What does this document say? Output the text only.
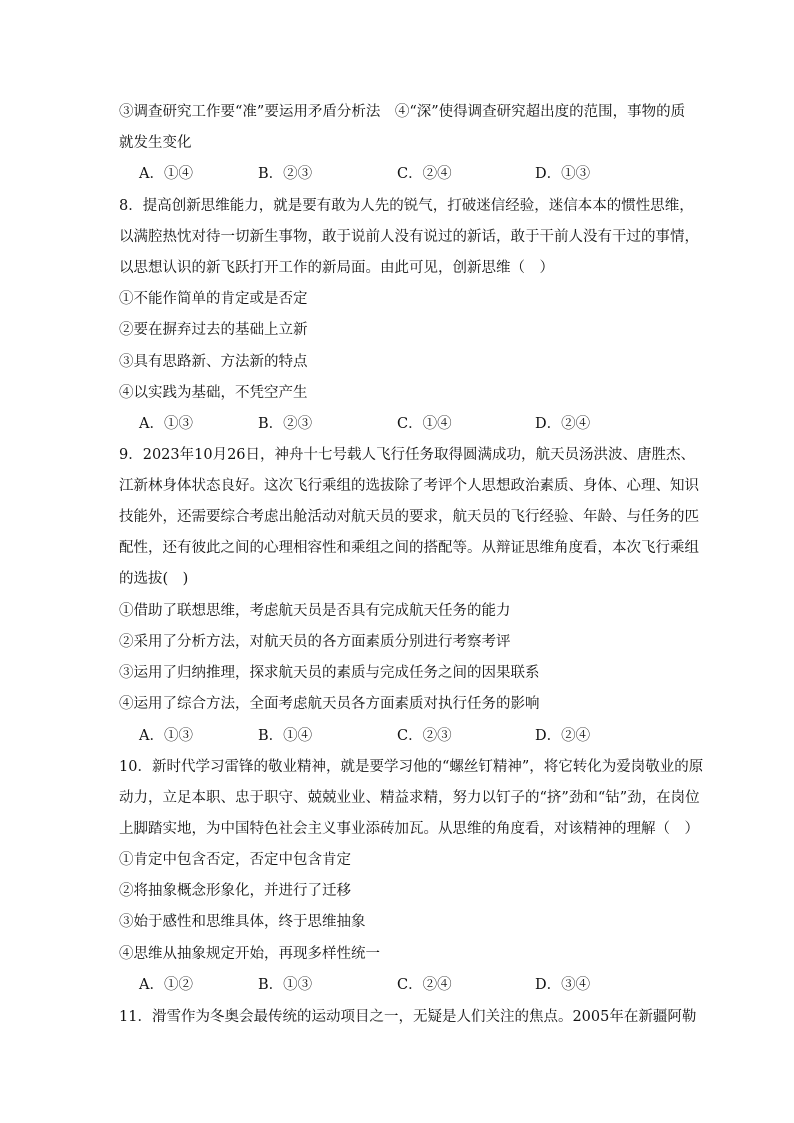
③调查研究工作要“准”要运用矛盾分析法　④“深”使得调查研究超出度的范围，事物的质
就发生变化
A．①④	B．②③	C．②④	D．①③
8．提高创新思维能力，就是要有敢为人先的锐气，打破迷信经验，迷信本本的惯性思维，
以满腔热忱对待一切新生事物，敢于说前人没有说过的新话，敢于干前人没有干过的事情，
以思想认识的新飞跃打开工作的新局面。由此可见，创新思维（　）
①不能作简单的肯定或是否定
②要在摒弃过去的基础上立新
③具有思路新、方法新的特点
④以实践为基础，不凭空产生
A．①③	B．②③	C．①④	D．②④
9．2023年10月26日，神舟十七号载人飞行任务取得圆满成功，航天员汤洪波、唐胜杰、
江新林身体状态良好。这次飞行乘组的选拔除了考评个人思想政治素质、身体、心理、知识
技能外，还需要综合考虑出舱活动对航天员的要求，航天员的飞行经验、年龄、与任务的匹
配性，还有彼此之间的心理相容性和乘组之间的搭配等。从辩证思维角度看，本次飞行乘组
的选拔(　)
①借助了联想思维，考虑航天员是否具有完成航天任务的能力
②采用了分析方法，对航天员的各方面素质分别进行考察考评
③运用了归纳推理，探求航天员的素质与完成任务之间的因果联系
④运用了综合方法，全面考虑航天员各方面素质对执行任务的影响
A．①③	B．①④	C．②③	D．②④
10．新时代学习雷锋的敬业精神，就是要学习他的“螺丝钉精神”，将它转化为爱岗敬业的原
动力，立足本职、忠于职守、兢兢业业、精益求精，努力以钉子的“挤”劲和“钻”劲，在岗位
上脚踏实地，为中国特色社会主义事业添砖加瓦。从思维的角度看，对该精神的理解（　）
①肯定中包含否定，否定中包含肯定
②将抽象概念形象化，并进行了迁移
③始于感性和思维具体，终于思维抽象
④思维从抽象规定开始，再现多样性统一
A．①②	B．①③	C．②④	D．③④
11．滑雪作为冬奥会最传统的运动项目之一，无疑是人们关注的焦点。2005年在新疆阿勒
